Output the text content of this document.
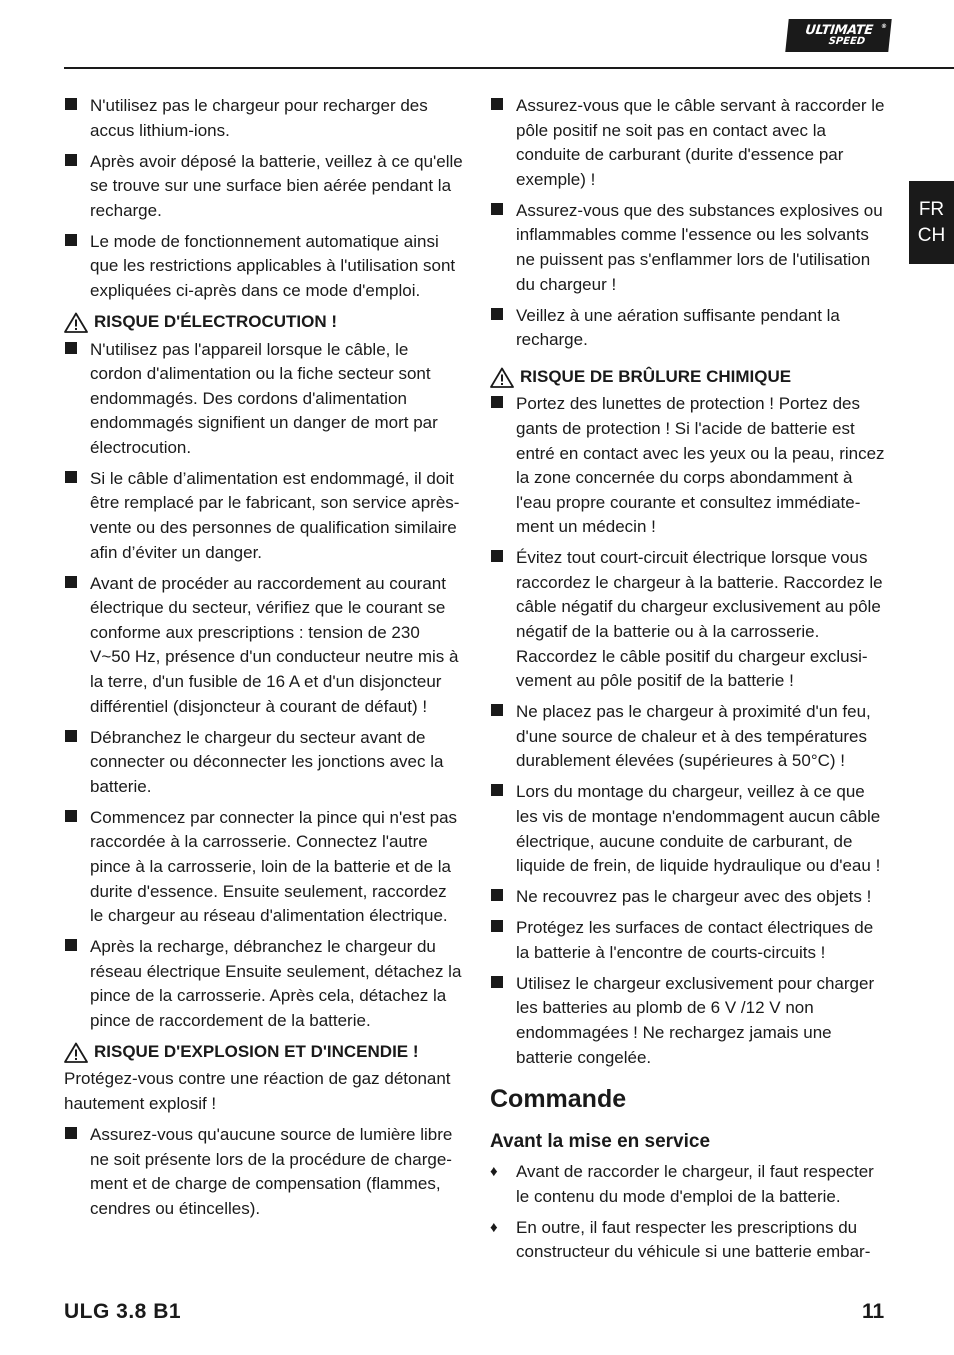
ULTIMATE
SPEED
®
FR
CH
N'utilisez pas le chargeur pour recharger des accus lithium-ions.
Après avoir déposé la batterie, veillez à ce qu'elle se trouve sur une surface bien aérée pendant la recharge.
Le mode de fonctionnement automatique ainsi que les restrictions applicables à l'utilisation sont expliquées ci-après dans ce mode d'emploi.
RISQUE D'ÉLECTROCUTION !
N'utilisez pas l'appareil lorsque le câble, le cordon d'alimentation ou la fiche secteur sont endommagés. Des cordons d'alimentation endommagés signifient un danger de mort par électrocution.
Si le câble d’alimentation est endommagé, il doit être remplacé par le fabricant, son service après-vente ou des personnes de qualification similaire afin d’éviter un danger.
Avant de procéder au raccordement au courant électrique du secteur, vérifiez que le courant se conforme aux prescriptions : tension de 230 V~50 Hz, présence d'un conducteur neutre mis à la terre, d'un fusible de 16 A et d'un disjoncteur différentiel (disjoncteur à courant de défaut) !
Débranchez le chargeur du secteur avant de connecter ou déconnecter les jonctions avec la batterie.
Commencez par connecter la pince qui n'est pas raccordée à la carrosserie. Connectez l'autre pince à la carrosserie, loin de la batterie et de la durite d'essence. Ensuite seulement, raccordez le chargeur au réseau d'alimentation électrique.
Après la recharge, débranchez le chargeur du réseau électrique Ensuite seulement, détachez la pince de la carrosserie. Après cela, détachez la pince de raccordement de la batterie.
RISQUE D'EXPLOSION ET D'INCENDIE !
Protégez-vous contre une réaction de gaz détonant hautement explosif !
Assurez-vous qu'aucune source de lumière libre ne soit présente lors de la procédure de charge-ment et de charge de compensation (flammes, cendres ou étincelles).
Assurez-vous que le câble servant à raccorder le pôle positif ne soit pas en contact avec la conduite de carburant (durite d'essence par exemple) !
Assurez-vous que des substances explosives ou inflammables comme l'essence ou les solvants ne puissent pas s'enflammer lors de l'utilisation du chargeur !
Veillez à une aération suffisante pendant la recharge.
RISQUE DE BRÛLURE CHIMIQUE
Portez des lunettes de protection ! Portez des gants de protection ! Si l'acide de batterie est entré en contact avec les yeux ou la peau, rincez la zone concernée du corps abondamment à l'eau propre courante et consultez immédiate-ment un médecin !
Évitez tout court-circuit électrique lorsque vous raccordez le chargeur à la batterie. Raccordez le câble négatif du chargeur exclusivement au pôle négatif de la batterie ou à la carrosserie. Raccordez le câble positif du chargeur exclusi-vement au pôle positif de la batterie !
Ne placez pas le chargeur à proximité d'un feu, d'une source de chaleur et à des températures durablement élevées (supérieures à 50°C) !
Lors du montage du chargeur, veillez à ce que les vis de montage n'endommagent aucun câble électrique, aucune conduite de carburant, de liquide de frein, de liquide hydraulique ou d'eau !
Ne recouvrez pas le chargeur avec des objets !
Protégez les surfaces de contact électriques de la batterie à l'encontre de courts-circuits !
Utilisez le chargeur exclusivement pour charger les batteries au plomb de 6 V /12 V non endommagées ! Ne rechargez jamais une batterie congelée.
Commande
Avant la mise en service
♦ Avant de raccorder le chargeur, il faut respecter le contenu du mode d'emploi de la batterie.
♦ En outre, il faut respecter les prescriptions du constructeur du véhicule si une batterie embar-
ULG 3.8 B1	11
